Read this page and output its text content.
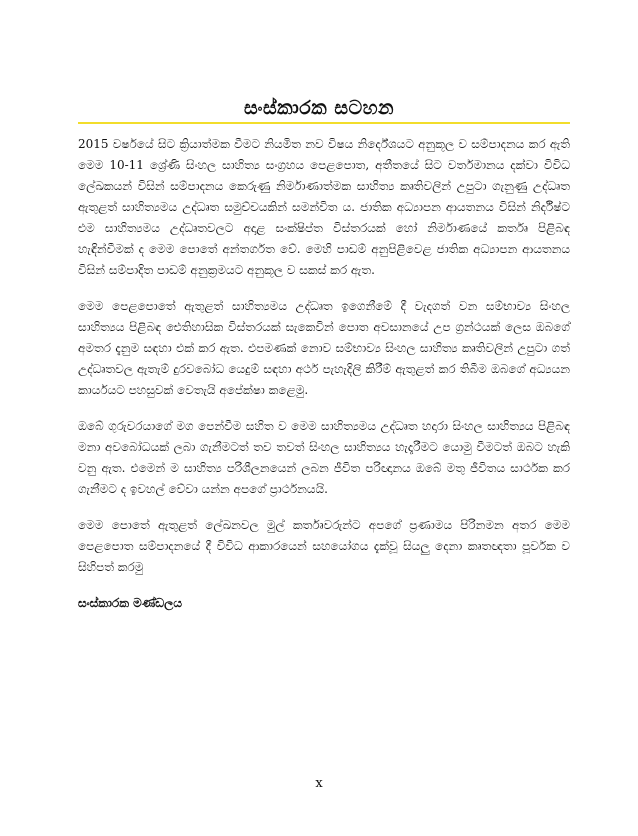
සංස්කාරක සටහන

2015 වර්ෂයේ සිට ක්‍රියාත්මක වීමට නියමිත නව විෂය නිර්දේශයට අනුකූල ව සම්පාදනය කර ඇති මෙම 10-11 ශ්‍රේණි සිංහල සාහිත්‍ය සංග්‍රහය පෙළපොත, අතීතයේ සිට වර්තමානය දක්වා විවිධ ලේඛකයන් විසින් සම්පාදනය කෙරුණු නිර්මාණාත්මක සාහිත්‍ය කෘතිවලින් උපුටා ගැනුණු උද්ධෘත ඇතුළත් සාහිත්‍යමය උද්ධෘත සමුච්චයකින් සමන්විත ය. ජාතික අධ්‍යාපන ආයතනය විසින් නිර්දිෂ්ට එම සාහිත්‍යමය උද්ධෘතවලට අදාළ සංක්ෂිප්ත විස්තරයක් හෝ නිර්මාණයේ කර්තෘ පිළිබඳ හැඳින්වීමක් ද මෙම පොතේ අන්තර්ගත වේ. මෙහි පාඩම් අනුපිළිවෙළ ජාතික අධ්‍යාපන ආයතනය විසින් සම්පාදිත පාඩම් අනුක්‍රමයට අනුකූල ව සකස් කර ඇත.

මෙම පෙළපොතේ ඇතුළත් සාහිත්‍යමය උද්ධෘත ඉගෙනීමේ දී වැදගත් වන සම්භාව්‍ය සිංහල සාහිත්‍යය පිළිබඳ ඓතිහාසික විස්තරයක් සැකෙවින් පොත අවසානයේ උප ග්‍රන්ථයක් ලෙස ඔබගේ අමතර දැනුම සඳහා එක් කර ඇත. එපමණක් නොව සම්භාව්‍ය සිංහල සාහිත්‍ය කෘතිවලින් උපුටා ගත් උද්ධෘතවල ඇතැම් දුරවබෝධ යෙදුම් සඳහා අර්ථ පැහැදිලි කිරීම් ඇතුළත් කර තිබීම ඔබගේ අධ්‍යයන කාර්යයට පහසුවක් වෙතැයි අපේක්ෂා කළෙමු.

ඔබේ ගුරුවරයාගේ මග පෙන්වීම සහිත ව මෙම සාහිත්‍යමය උද්ධෘත හදාරා සිංහල සාහිත්‍යය පිළිබඳ මනා අවබෝධයක් ලබා ගැනීමටත් තව තවත් සිංහල සාහිත්‍යය හැදෑරීමට යොමු වීමටත් ඔබට හැකි වනු ඇත. එමෙන් ම සාහිත්‍ය පරිශීලනයෙන් ලබන ජීවිත පරිඥානය ඔබේ මතු ජීවිතය සාර්ථක කර ගැනීමට ද ඉවහල් වේවා යන්න අපගේ ප්‍රාර්ථනයයි.

මෙම පොතේ ඇතුළත් ලේඛනවල මුල් කර්තෘවරුන්ට අපගේ ප්‍රණාමය පිරිනමන අතර මෙම පෙළපොත සම්පාදනයේ දී විවිධ ආකාරයෙන් සහයෝගය දැක්වූ සියලු දෙනා කෘතඥතා පූර්වක ව සිහිපත් කරමු

සංස්කාරක මණ්ඩලය
x
